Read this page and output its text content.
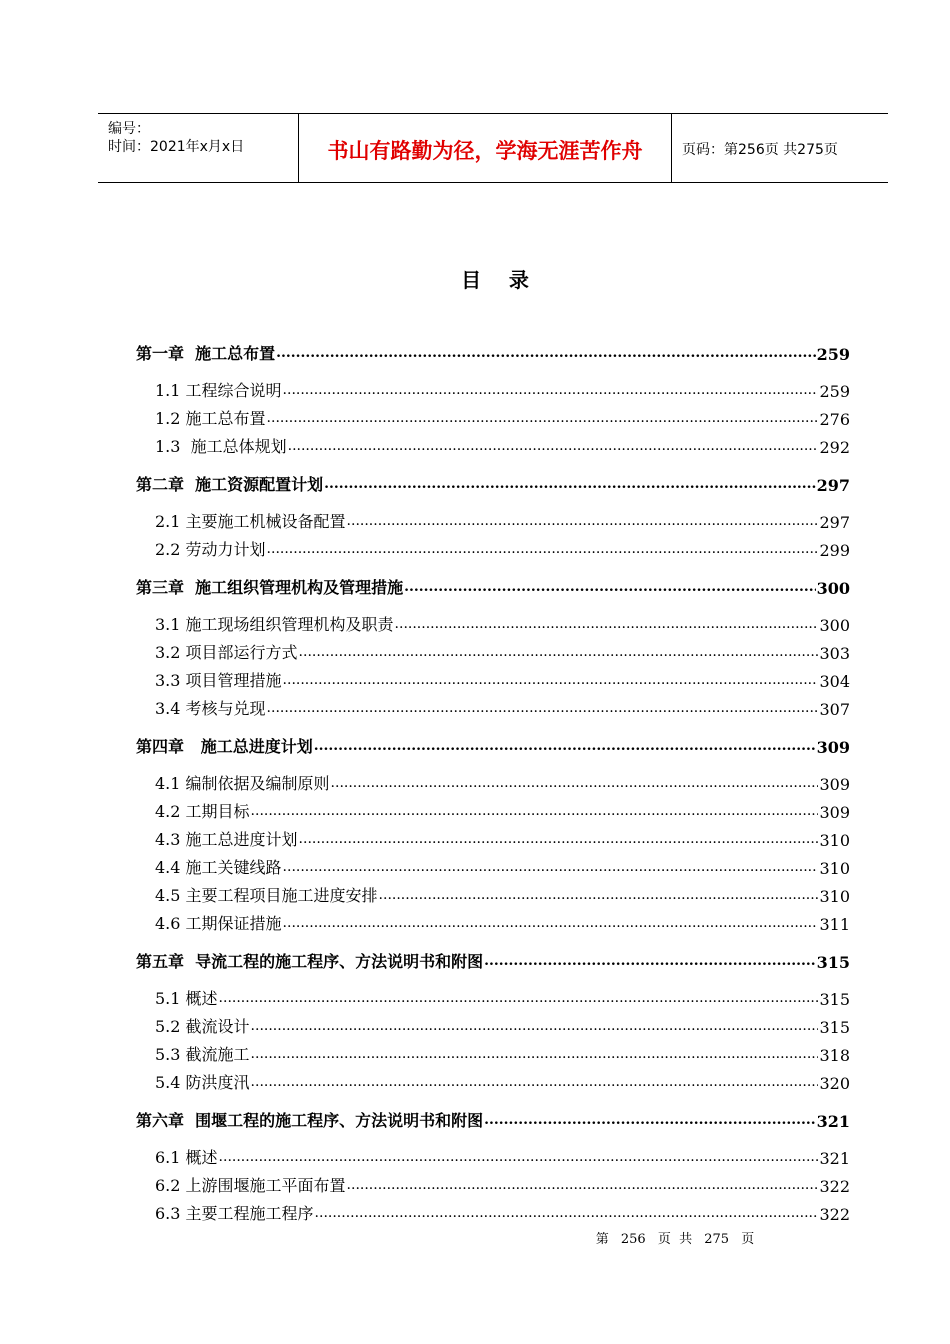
编号：
时间：2021年x月x日	书山有路勤为径，学海无涯苦作舟	页码：第256页 共275页
目    录
第一章  施工总布置 .....	259
1.1 工程综合说明 .....	259
1.2 施工总布置 .....	276
1.3  施工总体规划 .....	292
第二章  施工资源配置计划 .....	297
2.1 主要施工机械设备配置 .....	297
2.2 劳动力计划 .....	299
第三章  施工组织管理机构及管理措施 .....	300
3.1 施工现场组织管理机构及职责 .....	300
3.2 项目部运行方式 .....	303
3.3 项目管理措施 .....	304
3.4 考核与兑现 .....	307
第四章   施工总进度计划 .....	309
4.1 编制依据及编制原则 .....	309
4.2 工期目标 .....	309
4.3 施工总进度计划 .....	310
4.4 施工关键线路 .....	310
4.5 主要工程项目施工进度安排 .....	310
4.6 工期保证措施 .....	311
第五章  导流工程的施工程序、方法说明书和附图 .....	315
5.1 概述 .....	315
5.2 截流设计 .....	315
5.3 截流施工 .....	318
5.4 防洪度汛 .....	320
第六章  围堰工程的施工程序、方法说明书和附图 .....	321
6.1 概述 .....	321
6.2 上游围堰施工平面布置 .....	322
6.3 主要工程施工程序 .....	322
第 256 页  共 275 页
